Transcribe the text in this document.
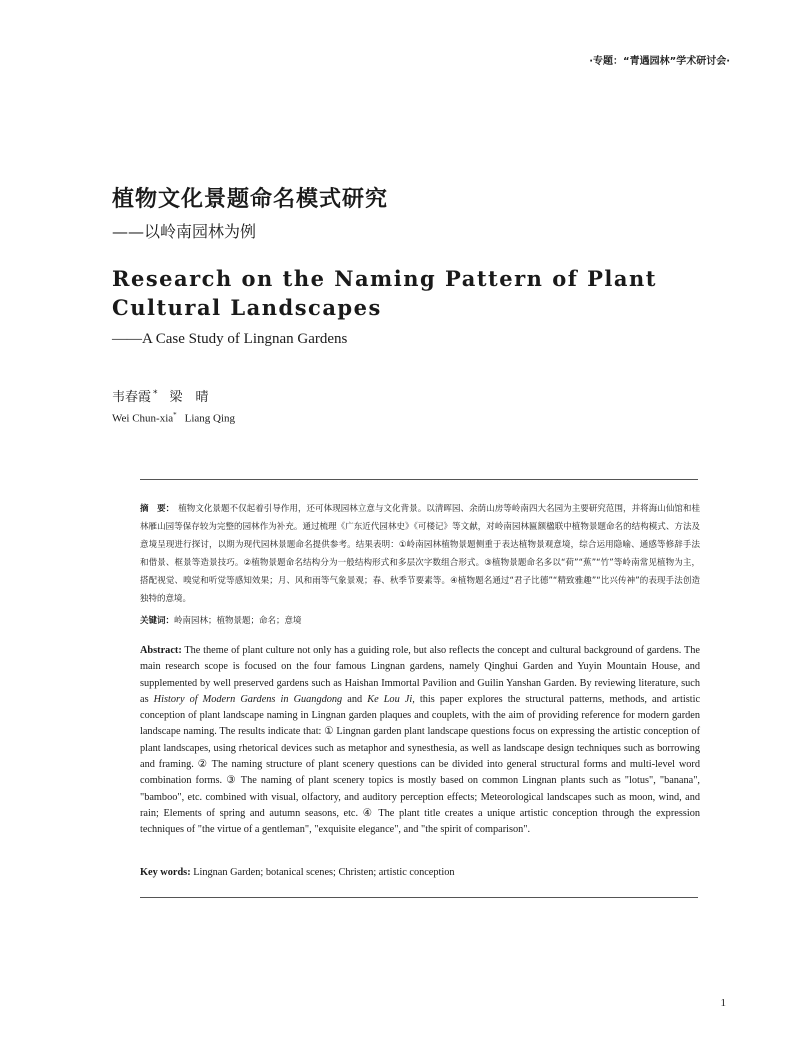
·专题：“青遇园林”学术研讨会·
植物文化景题命名模式研究
——以岭南园林为例
Research on the Naming Pattern of Plant Cultural Landscapes
——A Case Study of Lingnan Gardens
韦春霞 * 梁　晴
Wei Chun-xia* Liang Qing
摘　要： 植物文化景题不仅起着引导作用，还可体现园林立意与文化背景。以清晖园、余荫山房等岭南四大名园为主要研究范围，并将海山仙馆和桂林雁山园等保存较为完整的园林作为补充。通过梳理《广东近代园林史》《可楼记》等文献，对岭南园林匾额楹联中植物景题命名的结构模式、方法及意境呈现进行探讨，以期为现代园林景题命名提供参考。结果表明：①岭南园林植物景题侧重于表达植物景观意境，综合运用隐喻、通感等修辞手法和借景、框景等造景技巧。②植物景题命名结构分为一般结构形式和多层次字数组合形式。③植物景题命名多以“荷”“蕉”“竹”等岭南常见植物为主，搭配视觉、嗅觉和听觉等感知效果；月、风和雨等气象景观；春、秋季节要素等。④植物题名通过“君子比德”“精致雅趣”“比兴传神”的表现手法创造独特的意境。
关键词：岭南园林；植物景题；命名；意境
Abstract: The theme of plant culture not only has a guiding role, but also reflects the concept and cultural background of gardens. The main research scope is focused on the four famous Lingnan gardens, namely Qinghui Garden and Yuyin Mountain House, and supplemented by well preserved gardens such as Haishan Immortal Pavilion and Guilin Yanshan Garden. By reviewing literature, such as History of Modern Gardens in Guangdong and Ke Lou Ji, this paper explores the structural patterns, methods, and artistic conception of plant landscape naming in Lingnan garden plaques and couplets, with the aim of providing reference for modern garden landscape naming. The results indicate that: ① Lingnan garden plant landscape questions focus on expressing the artistic conception of plant landscapes, using rhetorical devices such as metaphor and synesthesia, as well as landscape design techniques such as borrowing and framing. ② The naming structure of plant scenery questions can be divided into general structural forms and multi-level word combination forms. ③ The naming of plant scenery topics is mostly based on common Lingnan plants such as "lotus", "banana", "bamboo", etc. combined with visual, olfactory, and auditory perception effects; Meteorological landscapes such as moon, wind, and rain; Elements of spring and autumn seasons, etc. ④ The plant title creates a unique artistic conception through the expression techniques of "the virtue of a gentleman", "exquisite elegance", and "the spirit of comparison".
Key words: Lingnan Garden; botanical scenes; Christen; artistic conception
1
